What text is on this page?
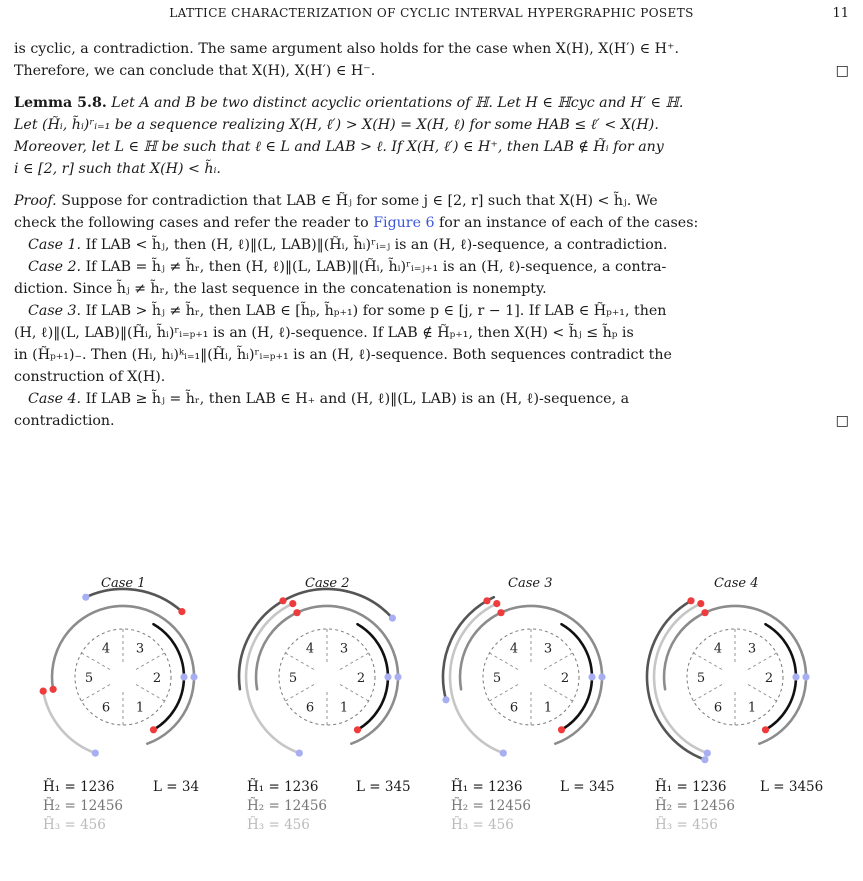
LATTICE CHARACTERIZATION OF CYCLIC INTERVAL HYPERGRAPHIC POSETS	11

is cyclic, a contradiction. The same argument also holds for the case when X(H), X(H′) ∈ H⁺.

Therefore, we can conclude that X(H), X(H′) ∈ H⁻.	□

Lemma 5.8. Let A and B be two distinct acyclic orientations of ℍ. Let H ∈ ℍcyc and H′ ∈ ℍ.

Let (H̃ᵢ, h̃ᵢ)ʳᵢ₌₁ be a sequence realizing X(H, ℓ′) > X(H) = X(H, ℓ) for some HAB ≤ ℓ′ < X(H).

Moreover, let L ∈ ℍ be such that ℓ ∈ L and LAB > ℓ. If X(H, ℓ′) ∈ H⁺, then LAB ∉ H̃ᵢ for any

i ∈ [2, r] such that X(H) < h̃ᵢ.

Proof. Suppose for contradiction that LAB ∈ H̃ⱼ for some j ∈ [2, r] such that X(H) < h̃ⱼ. We

check the following cases and refer the reader to Figure 6 for an instance of each of the cases:

Case 1. If LAB < h̃ⱼ, then (H, ℓ)‖(L, LAB)‖(H̃ᵢ, h̃ᵢ)ʳᵢ₌ⱼ is an (H, ℓ)-sequence, a contradiction.

Case 2. If LAB = h̃ⱼ ≠ h̃ᵣ, then (H, ℓ)‖(L, LAB)‖(H̃ᵢ, h̃ᵢ)ʳᵢ₌ⱼ₊₁ is an (H, ℓ)-sequence, a contra-

diction. Since h̃ⱼ ≠ h̃ᵣ, the last sequence in the concatenation is nonempty.

Case 3. If LAB > h̃ⱼ ≠ h̃ᵣ, then LAB ∈ [h̃ₚ, h̃ₚ₊₁) for some p ∈ [j, r − 1]. If LAB ∈ H̃ₚ₊₁, then

(H, ℓ)‖(L, LAB)‖(H̃ᵢ, h̃ᵢ)ʳᵢ₌ₚ₊₁ is an (H, ℓ)-sequence. If LAB ∉ H̃ₚ₊₁, then X(H) < h̃ⱼ ≤ h̃ₚ is

in (H̃ₚ₊₁)₋. Then (Hᵢ, hᵢ)ᵏᵢ₌₁‖(H̃ᵢ, h̃ᵢ)ʳᵢ₌ₚ₊₁ is an (H, ℓ)-sequence. Both sequences contradict the

construction of X(H).

Case 4. If LAB ≥ h̃ⱼ = h̃ᵣ, then LAB ∈ H₊ and (H, ℓ)‖(L, LAB) is an (H, ℓ)-sequence, a

contradiction.	□

1
2
3
4
5
6	1
2
3
4
5
6	1
2
3
4
5
6	1
2
3
4
5
6
Case 1	Case 2	Case 3	Case 4
H̃₁ = 1236	L = 34
H̃₂ = 12456
H̃₃ = 456
H̃₁ = 1236	L = 345
H̃₂ = 12456
H̃₃ = 456
H̃₁ = 1236	L = 345
H̃₂ = 12456
H̃₃ = 456
H̃₁ = 1236 L = 3456
H̃₂ = 12456
H̃₃ = 456
